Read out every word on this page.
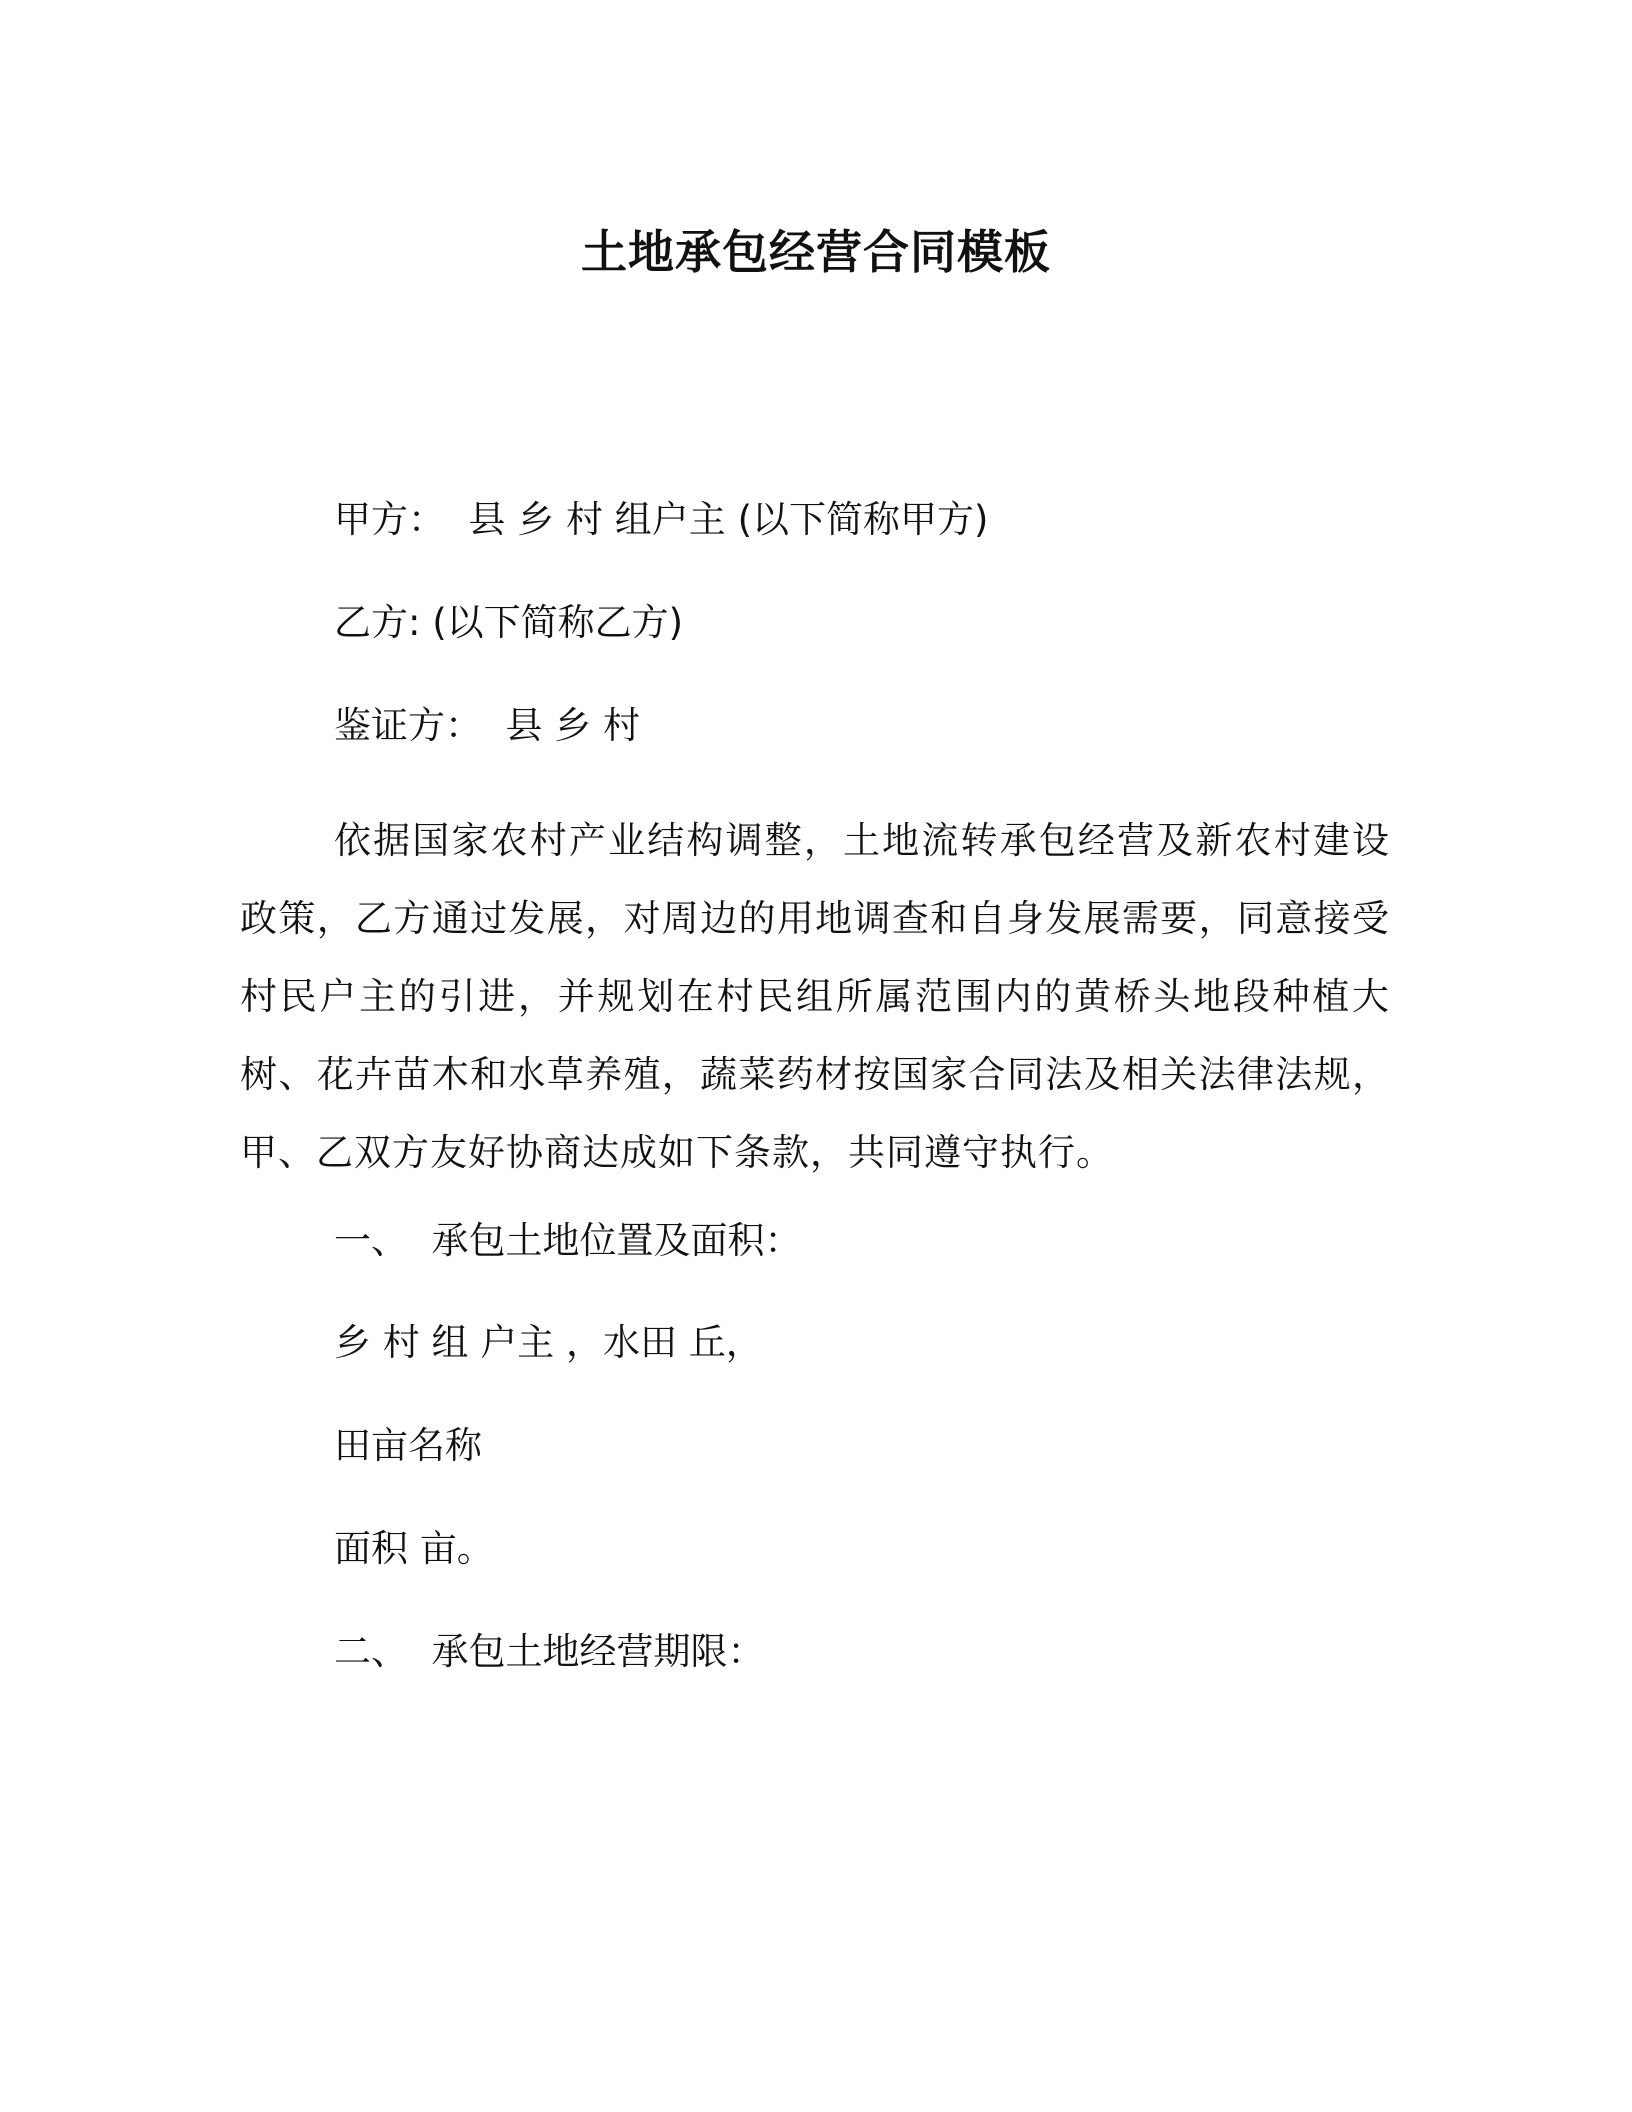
土地承包经营合同模板
甲方：  县 乡 村 组户主 (以下简称甲方)
乙方: (以下简称乙方)
鉴证方：  县 乡 村
依据国家农村产业结构调整，土地流转承包经营及新农村建设政策，乙方通过发展，对周边的用地调查和自身发展需要，同意接受村民户主的引进，并规划在村民组所属范围内的黄桥头地段种植大树、花卉苗木和水草养殖，蔬菜药材按国家合同法及相关法律法规，甲、乙双方友好协商达成如下条款，共同遵守执行。
一、  承包土地位置及面积：
乡 村 组 户主 ，水田 丘，
田亩名称
面积 亩。
二、  承包土地经营期限：
